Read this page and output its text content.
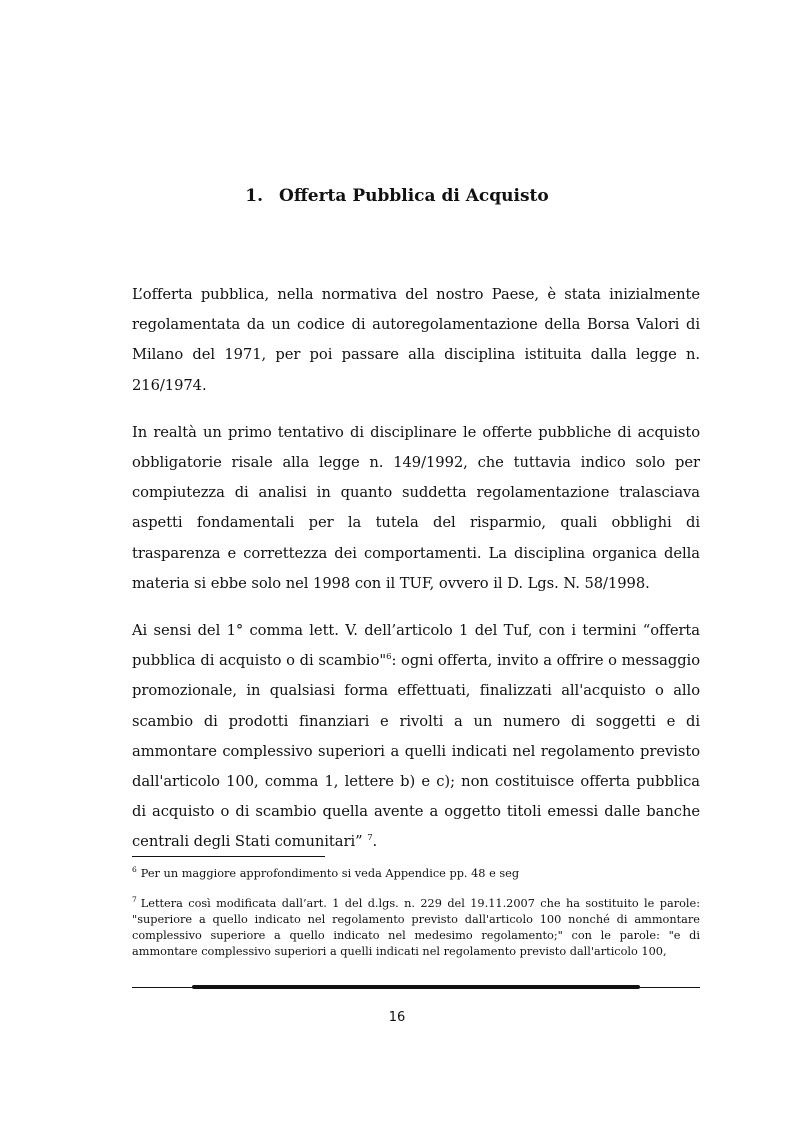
1. Offerta Pubblica di Acquisto

L’offerta pubblica, nella normativa del nostro Paese, è stata inizialmente regolamentata da un codice di autoregolamentazione della Borsa Valori di Milano del 1971, per poi passare alla disciplina istituita dalla legge n. 216/1974.

In realtà un primo tentativo di disciplinare le offerte pubbliche di acquisto obbligatorie risale alla legge n. 149/1992, che tuttavia indico solo per compiutezza di analisi in quanto suddetta regolamentazione tralasciava aspetti fondamentali per la tutela del risparmio, quali obblighi di trasparenza e correttezza dei comportamenti. La disciplina organica della materia si ebbe solo nel 1998 con il TUF, ovvero il D. Lgs. N. 58/1998.

Ai sensi del 1° comma lett. V. dell’articolo 1 del Tuf, con i termini “offerta pubblica di acquisto o di scambio"$^6$: ogni offerta, invito a offrire o messaggio promozionale, in qualsiasi forma effettuati, finalizzati all'acquisto o allo scambio di prodotti finanziari e rivolti a un numero di soggetti e di ammontare complessivo superiori a quelli indicati nel regolamento previsto dall'articolo 100, comma 1, lettere b) e c); non costituisce offerta pubblica di acquisto o di scambio quella avente a oggetto titoli emessi dalle banche centrali degli Stati comunitari” $^7$.

$^6$ Per un maggiore approfondimento si veda Appendice pp. 48 e seg

$^7$ Lettera così modificata dall’art. 1 del d.lgs. n. 229 del 19.11.2007 che ha sostituito le parole: "superiore a quello indicato nel regolamento previsto dall'articolo 100 nonché di ammontare complessivo superiore a quello indicato nel medesimo regolamento;" con le parole: "e di ammontare complessivo superiori a quelli indicati nel regolamento previsto dall'articolo 100,

16
